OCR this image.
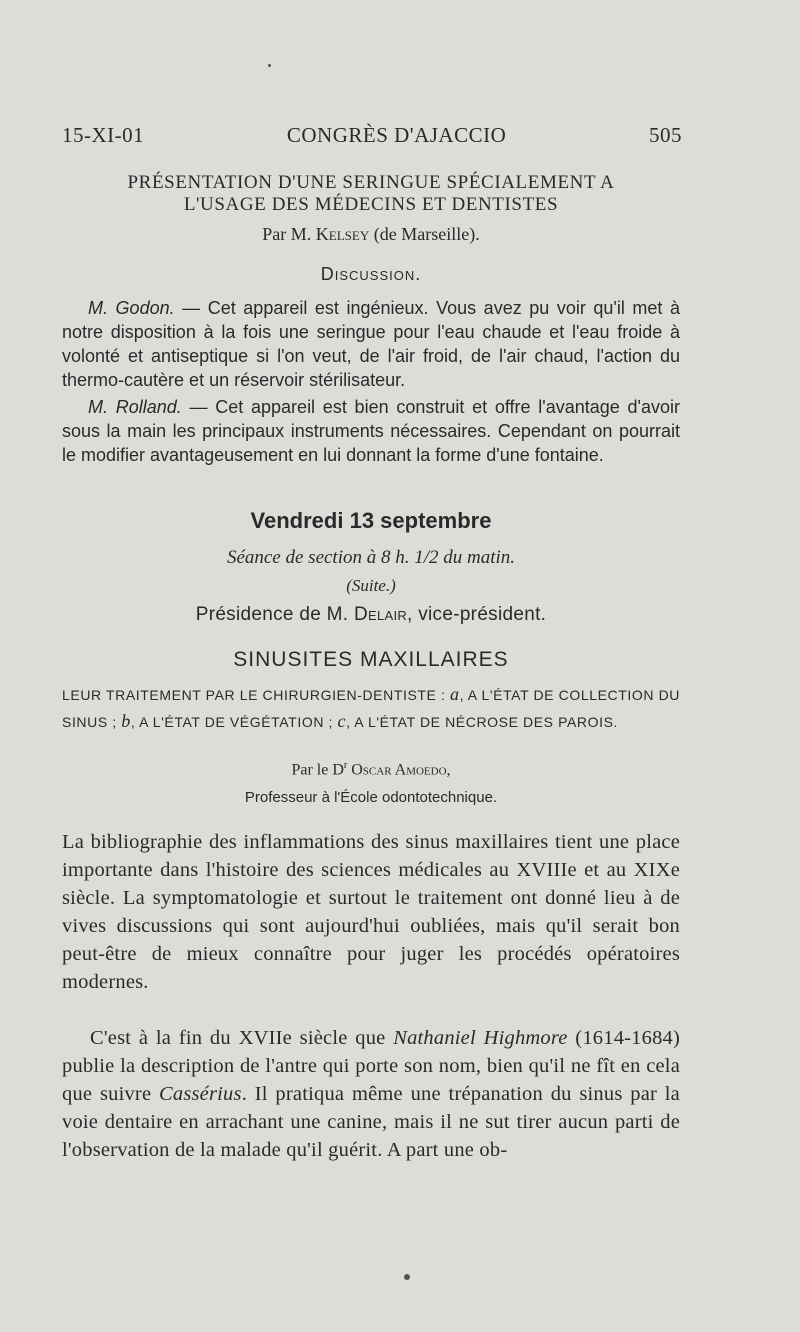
15-XI-01	CONGRÈS D'AJACCIO	505
PRÉSENTATION D'UNE SERINGUE SPÉCIALEMENT A
L'USAGE DES MÉDECINS ET DENTISTES
Par M. Kelsey (de Marseille).
Discussion.
M. Godon. — Cet appareil est ingénieux. Vous avez pu voir qu'il met à notre disposition à la fois une seringue pour l'eau chaude et l'eau froide à volonté et antiseptique si l'on veut, de l'air froid, de l'air chaud, l'action du thermo-cautère et un réservoir stérilisateur.
M. Rolland. — Cet appareil est bien construit et offre l'avantage d'avoir sous la main les principaux instruments nécessaires. Cependant on pourrait le modifier avantageusement en lui donnant la forme d'une fontaine.
Vendredi 13 septembre
Séance de section à 8 h. 1/2 du matin.
(Suite.)
Présidence de M. Delair, vice-président.
SINUSITES MAXILLAIRES
LEUR TRAITEMENT PAR LE CHIRURGIEN-DENTISTE : a, A L'ÉTAT DE COLLECTION DU SINUS ; b, A L'ÉTAT DE VÉGÉTATION ; c, A L'ÉTAT DE NÉCROSE DES PAROIS.
Par le $D^r$ Oscar Amoedo,
Professeur à l'École odontotechnique.
La bibliographie des inflammations des sinus maxillaires tient une place importante dans l'histoire des sciences médicales au XVIIIe et au XIXe siècle. La symptomatologie et surtout le traitement ont donné lieu à de vives discussions qui sont aujourd'hui oubliées, mais qu'il serait bon peut-être de mieux connaître pour juger les procédés opératoires modernes.
C'est à la fin du XVIIe siècle que Nathaniel Highmore (1614-1684) publie la description de l'antre qui porte son nom, bien qu'il ne fît en cela que suivre Cassérius. Il pratiqua même une trépanation du sinus par la voie dentaire en arrachant une canine, mais il ne sut tirer aucun parti de l'observation de la malade qu'il guérit. A part une ob-
